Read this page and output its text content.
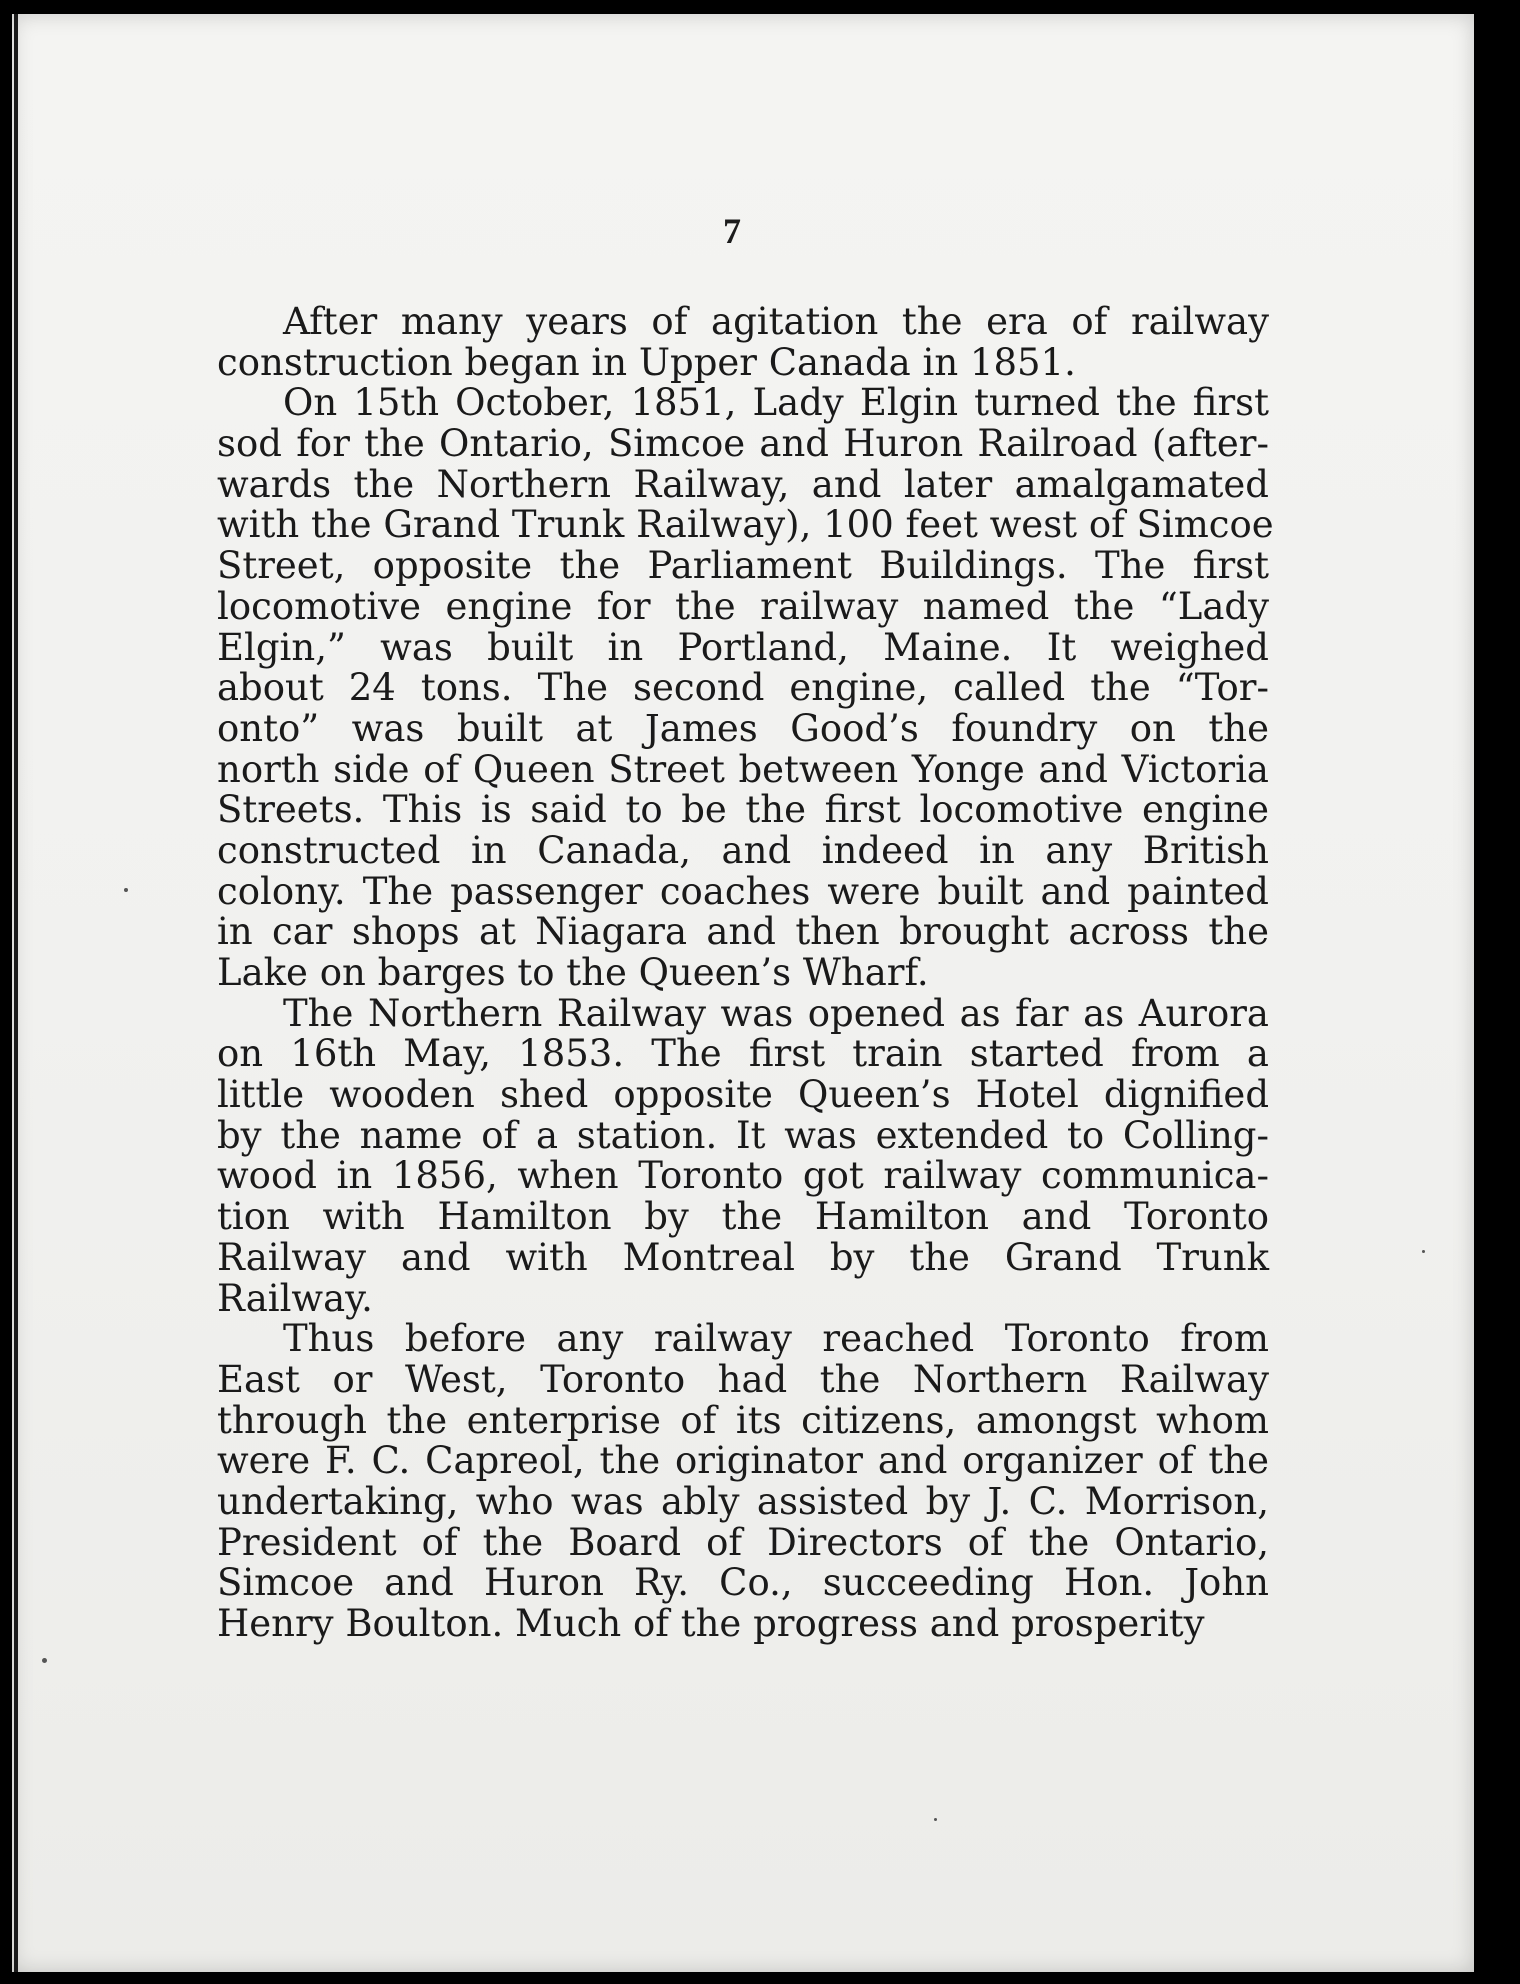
7

After many years of agitation the era of railway
construction began in Upper Canada in 1851.
On 15th October, 1851, Lady Elgin turned the first
sod for the Ontario, Simcoe and Huron Railroad (after-
wards the Northern Railway, and later amalgamated
with the Grand Trunk Railway), 100 feet west of Simcoe
Street, opposite the Parliament Buildings. The first
locomotive engine for the railway named the “Lady
Elgin,” was built in Portland, Maine. It weighed
about 24 tons. The second engine, called the “Tor-
onto” was built at James Good’s foundry on the
north side of Queen Street between Yonge and Victoria
Streets. This is said to be the first locomotive engine
constructed in Canada, and indeed in any British
colony. The passenger coaches were built and painted
in car shops at Niagara and then brought across the
Lake on barges to the Queen’s Wharf.
The Northern Railway was opened as far as Aurora
on 16th May, 1853. The first train started from a
little wooden shed opposite Queen’s Hotel dignified
by the name of a station. It was extended to Colling-
wood in 1856, when Toronto got railway communica-
tion with Hamilton by the Hamilton and Toronto
Railway and with Montreal by the Grand Trunk
Railway.
Thus before any railway reached Toronto from
East or West, Toronto had the Northern Railway
through the enterprise of its citizens, amongst whom
were F. C. Capreol, the originator and organizer of the
undertaking, who was ably assisted by J. C. Morrison,
President of the Board of Directors of the Ontario,
Simcoe and Huron Ry. Co., succeeding Hon. John
Henry Boulton. Much of the progress and prosperity
